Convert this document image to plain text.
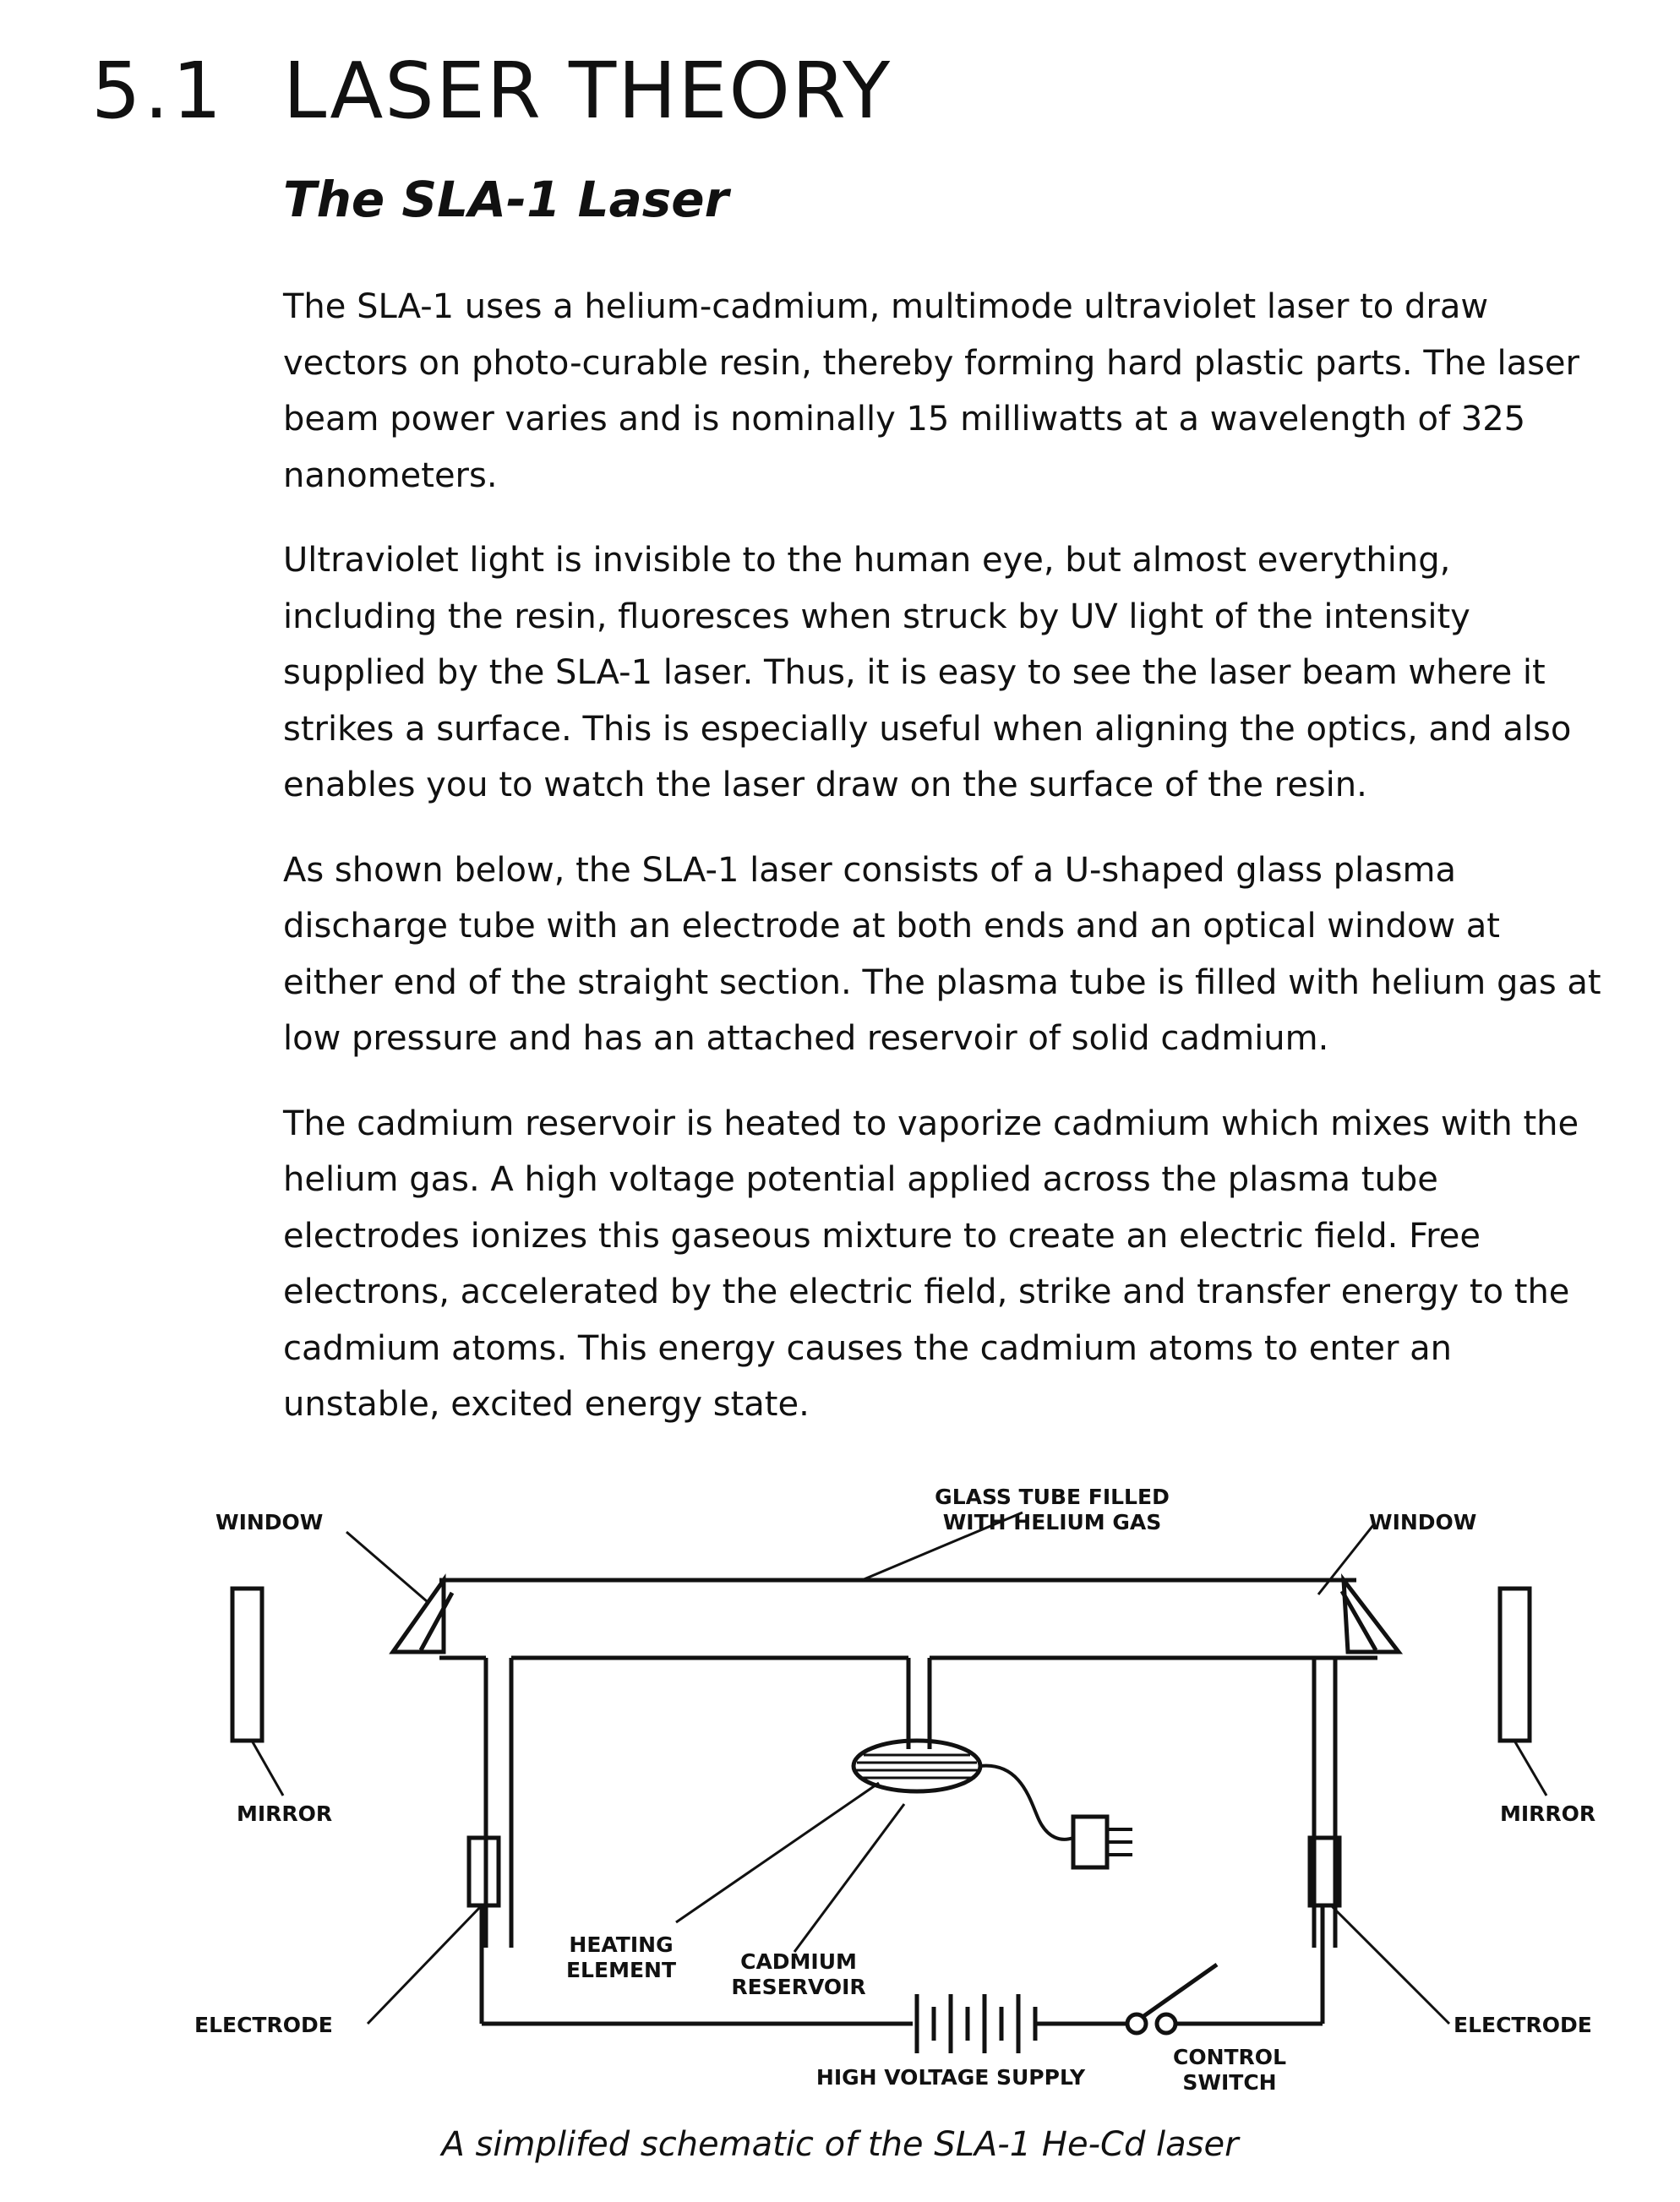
5.1 LASER THEORY
The SLA-1 Laser

The SLA-1 uses a helium-cadmium, multimode ultraviolet laser to draw vectors on photo-curable resin, thereby forming hard plastic parts. The laser beam power varies and is nominally 15 milliwatts at a wavelength of 325 nanometers.

Ultraviolet light is invisible to the human eye, but almost everything, including the resin, fluoresces when struck by UV light of the intensity supplied by the SLA-1 laser. Thus, it is easy to see the laser beam where it strikes a surface. This is especially useful when aligning the optics, and also enables you to watch the laser draw on the surface of the resin.

As shown below, the SLA-1 laser consists of a U-shaped glass plasma discharge tube with an electrode at both ends and an optical window at either end of the straight section. The plasma tube is filled with helium gas at low pressure and has an attached reservoir of solid cadmium.

The cadmium reservoir is heated to vaporize cadmium which mixes with the helium gas. A high voltage potential applied across the plasma tube electrodes ionizes this gaseous mixture to create an electric field. Free electrons, accelerated by the electric field, strike and transfer energy to the cadmium atoms. This energy causes the cadmium atoms to enter an unstable, excited energy state.

WINDOW	WINDOW
GLASS TUBE FILLED
WITH HELIUM GAS
MIRROR	MIRROR
ELECTRODE	ELECTRODE
HEATING
ELEMENT	CADMIUM
RESERVOIR
HIGH VOLTAGE SUPPLY
CONTROL
SWITCH
A simplifed schematic of the SLA-1 He-Cd laser
